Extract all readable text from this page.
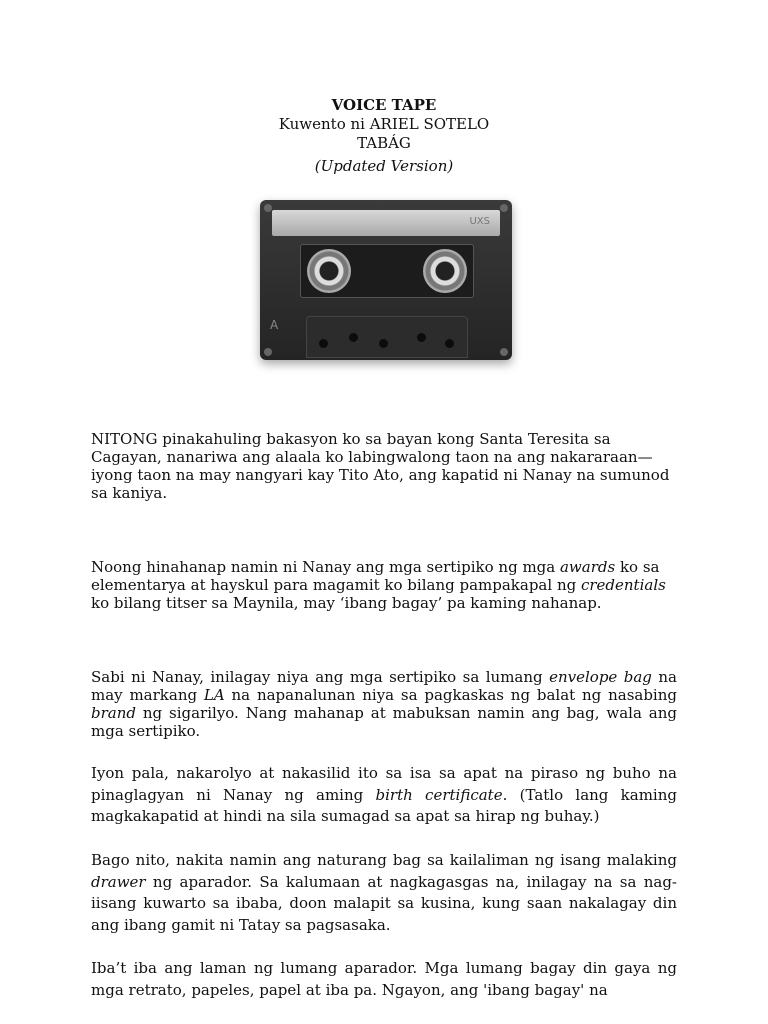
VOICE TAPE
Kuwento ni ARIEL SOTELO
TABÁG
(Updated Version)
UXS
A

NITONG pinakahuling bakasyon ko sa bayan kong Santa Teresita sa Cagayan, nanariwa ang alaala ko labingwalong taon na ang nakararaan—iyong taon na may nangyari kay Tito Ato, ang kapatid ni Nanay na sumunod sa kaniya.

Noong hinahanap namin ni Nanay ang mga sertipiko ng mga awards ko sa elementarya at hayskul para magamit ko bilang pampakapal ng credentials ko bilang titser sa Maynila, may ‘ibang bagay’ pa kaming nahanap.

Sabi ni Nanay, inilagay niya ang mga sertipiko sa lumang envelope bag na may markang LA na napanalunan niya sa pagkaskas ng balat ng nasabing brand ng sigarilyo. Nang mahanap at mabuksan namin ang bag, wala ang mga sertipiko.

Iyon pala, nakarolyo at nakasilid ito sa isa sa apat na piraso ng buho na pinaglagyan ni Nanay ng aming birth certificate. (Tatlo lang kaming magkakapatid at hindi na sila sumagad sa apat sa hirap ng buhay.)

Bago nito, nakita namin ang naturang bag sa kailaliman ng isang malaking drawer ng aparador. Sa kalumaan at nagkagasgas na, inilagay na sa nag-iisang kuwarto sa ibaba, doon malapit sa kusina, kung saan nakalagay din ang ibang gamit ni Tatay sa pagsasaka.

Iba’t iba ang laman ng lumang aparador. Mga lumang bagay din gaya ng mga retrato, papeles, papel at iba pa. Ngayon, ang 'ibang bagay' na
